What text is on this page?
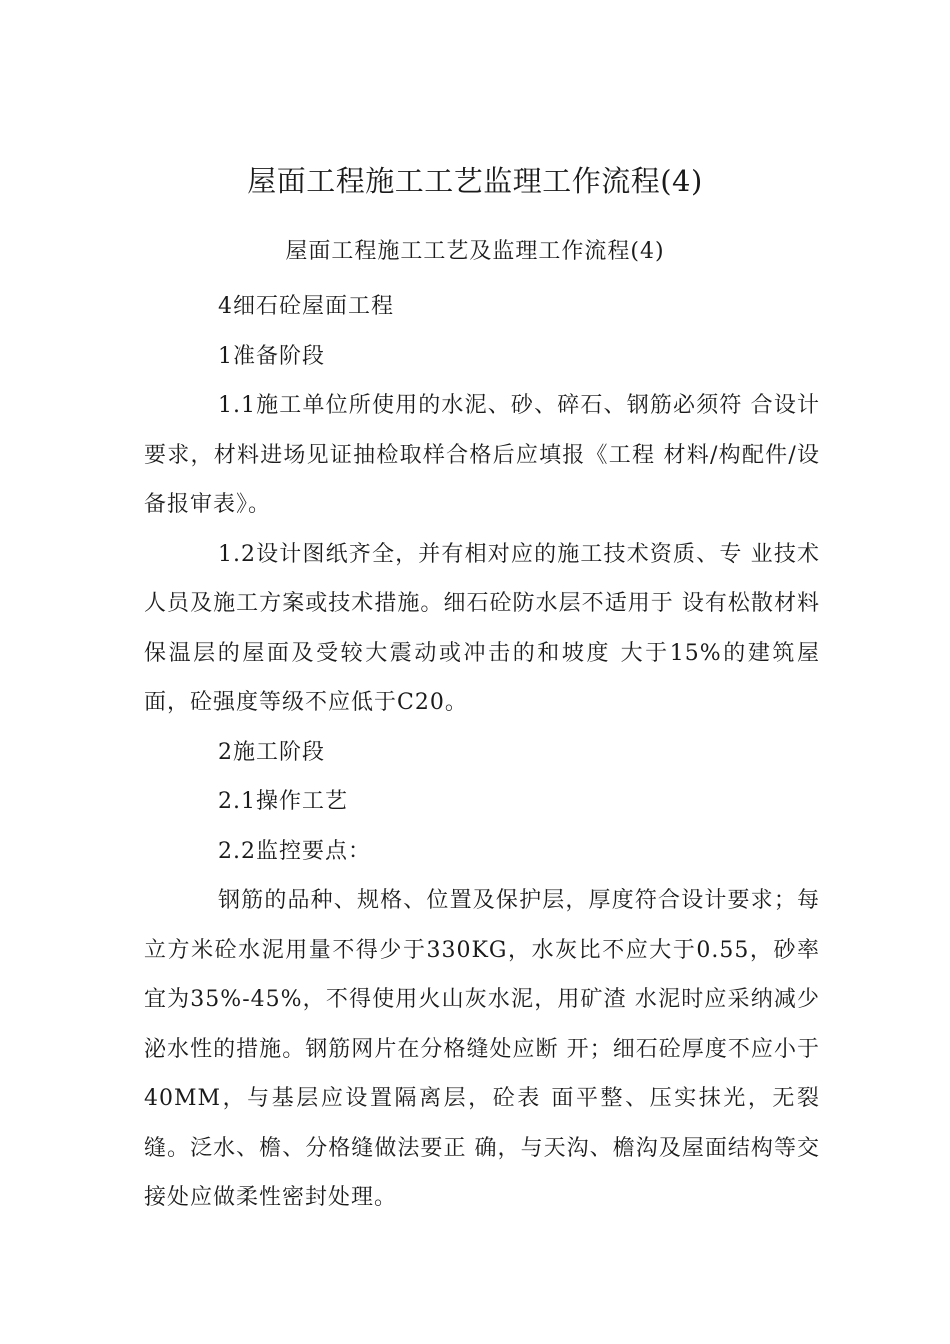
屋面工程施工工艺监理工作流程(4)
屋面工程施工工艺及监理工作流程(4)

4细石砼屋面工程

1准备阶段

1.1施工单位所使用的水泥、砂、碎石、钢筋必须符 合设计要求，材料进场见证抽检取样合格后应填报《工程 材料/构配件/设备报审表》。

1.2设计图纸齐全，并有相对应的施工技术资质、专 业技术人员及施工方案或技术措施。细石砼防水层不适用于 设有松散材料保温层的屋面及受较大震动或冲击的和坡度 大于15%的建筑屋面，砼强度等级不应低于C20。

2施工阶段

2.1操作工艺

2.2监控要点：

钢筋的品种、规格、位置及保护层，厚度符合设计要求；每立方米砼水泥用量不得少于330KG，水灰比不应大于0.55，砂率宜为35%-45%，不得使用火山灰水泥，用矿渣 水泥时应采纳减少泌水性的措施。钢筋网片在分格缝处应断 开；细石砼厚度不应小于40MM，与基层应设置隔离层，砼表 面平整、压实抹光，无裂缝。泛水、檐、分格缝做法要正 确，与天沟、檐沟及屋面结构等交接处应做柔性密封处理。
